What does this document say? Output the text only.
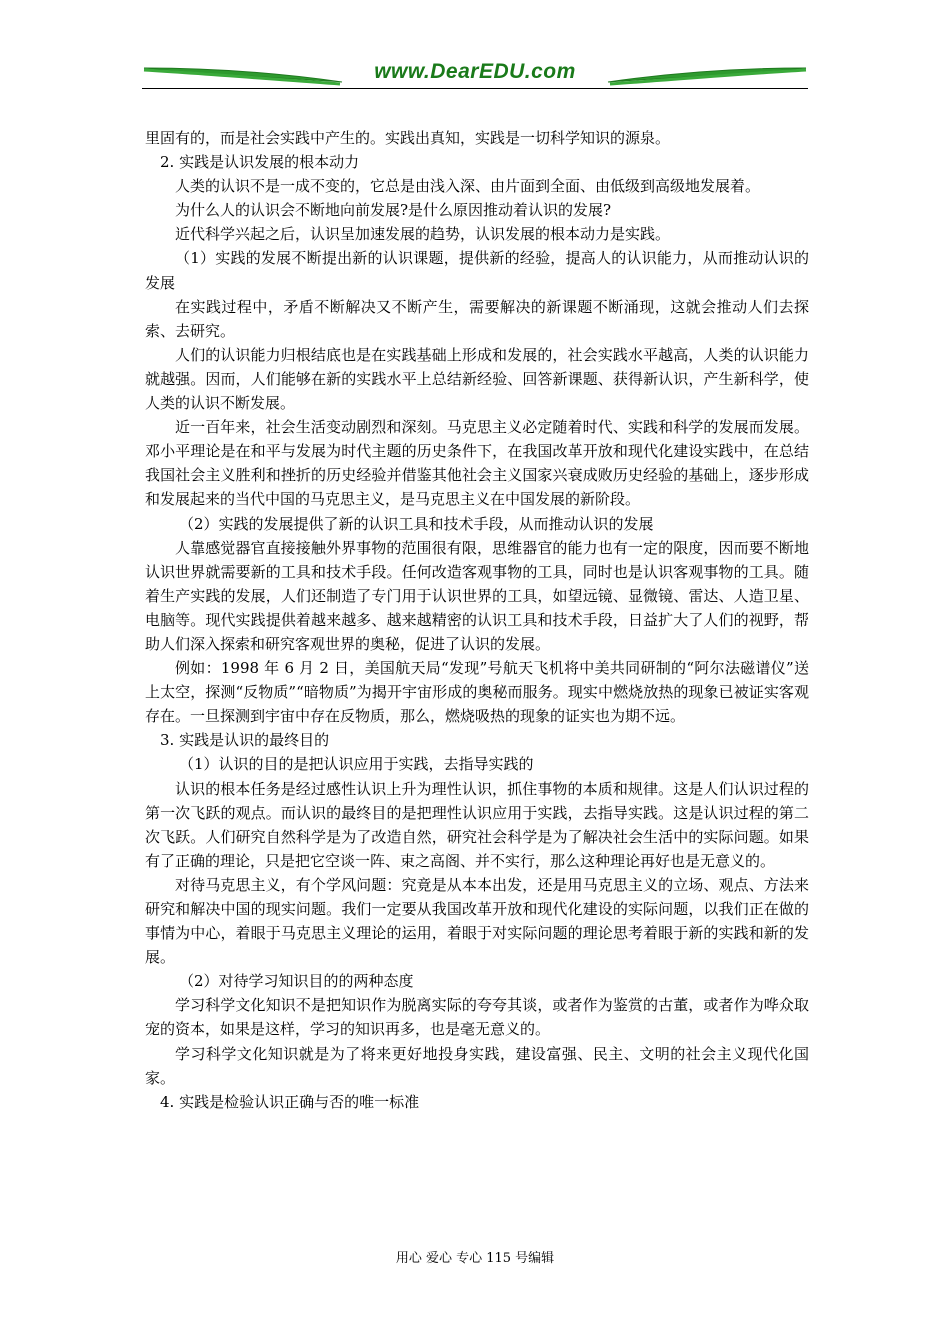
www.DearEDU.com

里固有的，而是社会实践中产生的。实践出真知，实践是一切科学知识的源泉。

2. 实践是认识发展的根本动力

人类的认识不是一成不变的，它总是由浅入深、由片面到全面、由低级到高级地发展着。

为什么人的认识会不断地向前发展?是什么原因推动着认识的发展?

近代科学兴起之后，认识呈加速发展的趋势，认识发展的根本动力是实践。

（1）实践的发展不断提出新的认识课题，提供新的经验，提高人的认识能力，从而推动认识的发展

在实践过程中，矛盾不断解决又不断产生，需要解决的新课题不断涌现，这就会推动人们去探索、去研究。

人们的认识能力归根结底也是在实践基础上形成和发展的，社会实践水平越高，人类的认识能力就越强。因而，人们能够在新的实践水平上总结新经验、回答新课题、获得新认识，产生新科学，使人类的认识不断发展。

近一百年来，社会生活变动剧烈和深刻。马克思主义必定随着时代、实践和科学的发展而发展。邓小平理论是在和平与发展为时代主题的历史条件下，在我国改革开放和现代化建设实践中，在总结我国社会主义胜利和挫折的历史经验并借鉴其他社会主义国家兴衰成败历史经验的基础上，逐步形成和发展起来的当代中国的马克思主义，是马克思主义在中国发展的新阶段。

（2）实践的发展提供了新的认识工具和技术手段，从而推动认识的发展

人靠感觉器官直接接触外界事物的范围很有限，思维器官的能力也有一定的限度，因而要不断地认识世界就需要新的工具和技术手段。任何改造客观事物的工具，同时也是认识客观事物的工具。随着生产实践的发展，人们还制造了专门用于认识世界的工具，如望远镜、显微镜、雷达、人造卫星、电脑等。现代实践提供着越来越多、越来越精密的认识工具和技术手段，日益扩大了人们的视野，帮助人们深入探索和研究客观世界的奥秘，促进了认识的发展。

例如：1998 年 6 月 2 日，美国航天局“发现”号航天飞机将中美共同研制的“阿尔法磁谱仪”送上太空，探测“反物质”“暗物质”为揭开宇宙形成的奥秘而服务。现实中燃烧放热的现象已被证实客观存在。一旦探测到宇宙中存在反物质，那么，燃烧吸热的现象的证实也为期不远。

3. 实践是认识的最终目的

（1）认识的目的是把认识应用于实践，去指导实践的

认识的根本任务是经过感性认识上升为理性认识，抓住事物的本质和规律。这是人们认识过程的第一次飞跃的观点。而认识的最终目的是把理性认识应用于实践，去指导实践。这是认识过程的第二次飞跃。人们研究自然科学是为了改造自然，研究社会科学是为了解决社会生活中的实际问题。如果有了正确的理论，只是把它空谈一阵、束之高阁、并不实行，那么这种理论再好也是无意义的。

对待马克思主义，有个学风问题：究竟是从本本出发，还是用马克思主义的立场、观点、方法来研究和解决中国的现实问题。我们一定要从我国改革开放和现代化建设的实际问题，以我们正在做的事情为中心，着眼于马克思主义理论的运用，着眼于对实际问题的理论思考着眼于新的实践和新的发展。

（2）对待学习知识目的的两种态度

学习科学文化知识不是把知识作为脱离实际的夸夸其谈，或者作为鉴赏的古董，或者作为哗众取宠的资本，如果是这样，学习的知识再多，也是毫无意义的。

学习科学文化知识就是为了将来更好地投身实践，建设富强、民主、文明的社会主义现代化国家。

4. 实践是检验认识正确与否的唯一标准

用心 爱心 专心 115 号编辑
